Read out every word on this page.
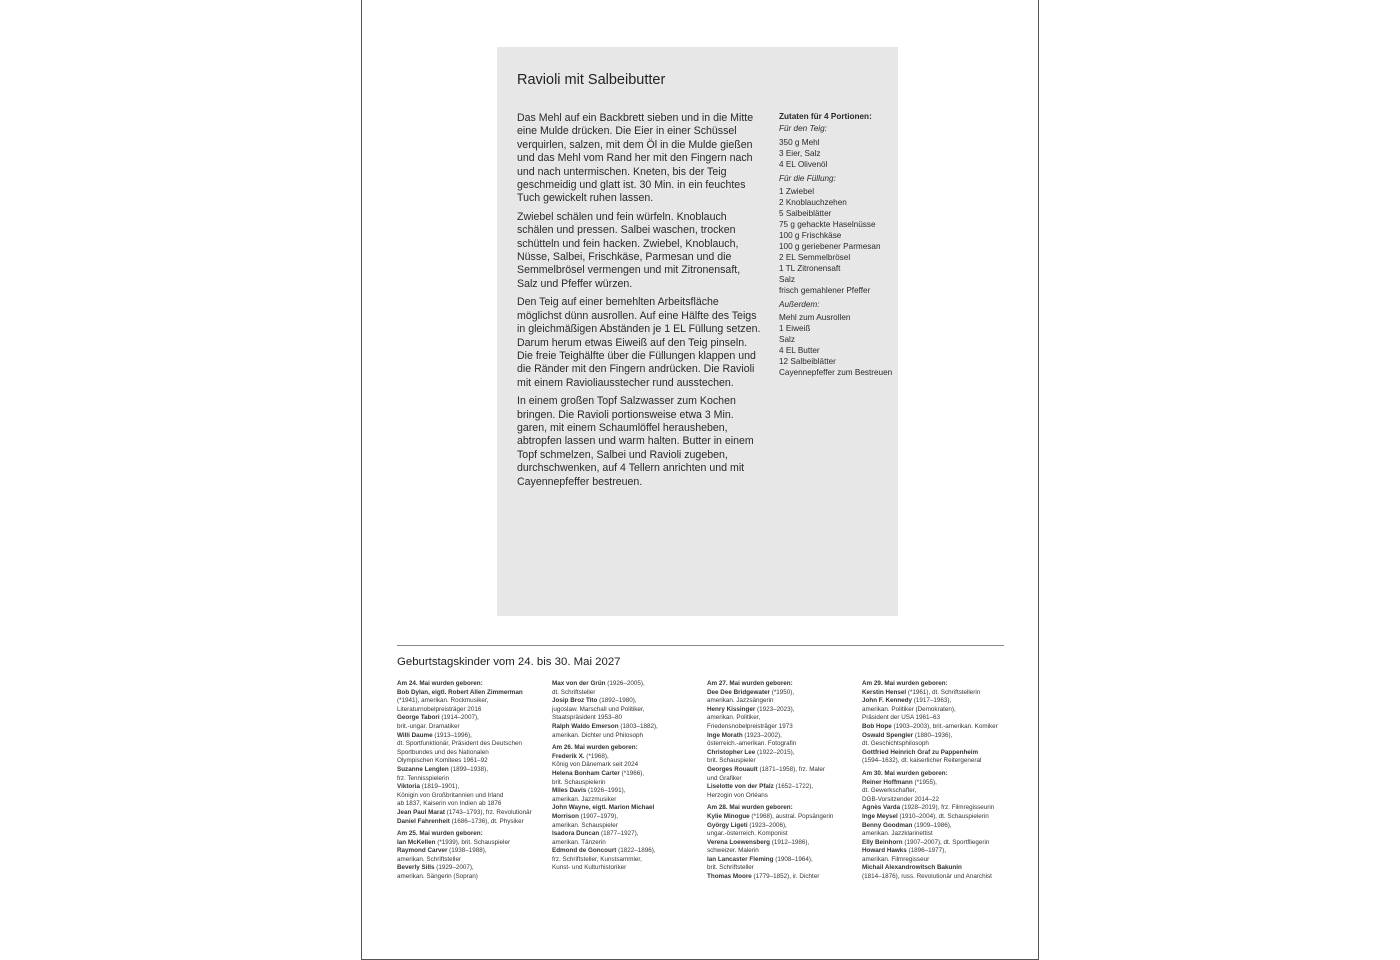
Ravioli mit Salbeibutter

Das Mehl auf ein Backbrett sieben und in die Mitte eine Mulde drücken. Die Eier in einer Schüssel verquirlen, salzen, mit dem Öl in die Mulde gießen und das Mehl vom Rand her mit den Fingern nach und nach untermischen. Kneten, bis der Teig geschmeidig und glatt ist. 30 Min. in ein feuchtes Tuch gewickelt ruhen lassen.

Zwiebel schälen und fein würfeln. Knoblauch schälen und pressen. Salbei waschen, trocken schütteln und fein hacken. Zwiebel, Knoblauch, Nüsse, Salbei, Frischkäse, Parmesan und die Semmelbrösel vermengen und mit Zitronensaft, Salz und Pfeffer würzen.

Den Teig auf einer bemehlten Arbeitsfläche möglichst dünn ausrollen. Auf eine Hälfte des Teigs in gleichmäßigen Abständen je 1 EL Füllung setzen. Darum herum etwas Eiweiß auf den Teig pinseln. Die freie Teighälfte über die Füllungen klappen und die Ränder mit den Fingern andrücken. Die Ravioli mit einem Ravioliausstecher rund ausstechen.

In einem großen Topf Salzwasser zum Kochen bringen. Die Ravioli portionsweise etwa 3 Min. garen, mit einem Schaumlöffel herausheben, abtropfen lassen und warm halten. Butter in einem Topf schmelzen, Salbei und Ravioli zugeben, durchschwenken, auf 4 Tellern anrichten und mit Cayennepfeffer bestreuen.

Zutaten für 4 Portionen:
Für den Teig:
350 g Mehl
3 Eier, Salz
4 EL Olivenöl
Für die Füllung:
1 Zwiebel
2 Knoblauchzehen
5 Salbeiblätter
75 g gehackte Haselnüsse
100 g Frischkäse
100 g geriebener Parmesan
2 EL Semmelbrösel
1 TL Zitronensaft
Salz
frisch gemahlener Pfeffer
Außerdem:
Mehl zum Ausrollen
1 Eiweiß
Salz
4 EL Butter
12 Salbeiblätter
Cayennepfeffer zum Bestreuen
Geburtstagskinder vom 24. bis 30. Mai 2027
Am 24. Mai wurden geboren:
Bob Dylan, eigtl. Robert Allen Zimmerman
(*1941), amerikan. Rockmusiker,
Literaturnobelpreisträger 2016
George Tabori (1914–2007),
brit.-ungar. Dramatiker
Willi Daume (1913–1996),
dt. Sportfunktionär, Präsident des Deutschen
Sportbundes und des Nationalen
Olympischen Komitees 1961–92
Suzanne Lenglen (1899–1938),
frz. Tennisspielerin
Viktoria (1819–1901),
Königin von Großbritannien und Irland
ab 1837, Kaiserin von Indien ab 1876
Jean Paul Marat (1743–1793), frz. Revolutionär
Daniel Fahrenheit (1686–1736), dt. Physiker
Am 25. Mai wurden geboren:
Ian McKellen (*1939), brit. Schauspieler
Raymond Carver (1938–1988),
amerikan. Schriftsteller
Beverly Sills (1929–2007),
amerikan. Sängerin (Sopran)
Max von der Grün (1926–2005),
dt. Schriftsteller
Josip Broz Tito (1892–1980),
jugoslaw. Marschall und Politiker,
Staatspräsident 1953–80
Ralph Waldo Emerson (1803–1882),
amerikan. Dichter und Philosoph
Am 26. Mai wurden geboren:
Frederik X. (*1968),
König von Dänemark seit 2024
Helena Bonham Carter (*1966),
brit. Schauspielerin
Miles Davis (1926–1991),
amerikan. Jazzmusiker
John Wayne, eigtl. Marion Michael
Morrison (1907–1979),
amerikan. Schauspieler
Isadora Duncan (1877–1927),
amerikan. Tänzerin
Edmond de Goncourt (1822–1896),
frz. Schriftsteller, Kunstsammler,
Kunst- und Kulturhistoriker
Am 27. Mai wurden geboren:
Dee Dee Bridgewater (*1950),
amerikan. Jazzsängerin
Henry Kissinger (1923–2023),
amerikan. Politiker,
Friedensnobelpreisträger 1973
Inge Morath (1923–2002),
österreich.-amerikan. Fotografin
Christopher Lee (1922–2015),
brit. Schauspieler
Georges Rouault (1871–1958), frz. Maler
und Grafiker
Liselotte von der Pfalz (1652–1722),
Herzogin von Orléans
Am 28. Mai wurden geboren:
Kylie Minogue (*1968), austral. Popsängerin
György Ligeti (1923–2006),
ungar.-österreich. Komponist
Verena Loewensberg (1912–1986),
schweizer. Malerin
Ian Lancaster Fleming (1908–1964),
brit. Schriftsteller
Thomas Moore (1779–1852), ir. Dichter
Am 29. Mai wurden geboren:
Kerstin Hensel (*1961), dt. Schriftstellerin
John F. Kennedy (1917–1963),
amerikan. Politiker (Demokraten),
Präsident der USA 1961–63
Bob Hope (1903–2003), brit.-amerikan. Komiker
Oswald Spengler (1880–1936),
dt. Geschichtsphilosoph
Gottfried Heinrich Graf zu Pappenheim
(1594–1632), dt. kaiserlicher Reitergeneral
Am 30. Mai wurden geboren:
Reiner Hoffmann (*1955),
dt. Gewerkschafter,
DGB-Vorsitzender 2014–22
Agnès Varda (1928–2019), frz. Filmregisseurin
Inge Meysel (1910–2004), dt. Schauspielerin
Benny Goodman (1909–1986),
amerikan. Jazzklarinettist
Elly Beinhorn (1907–2007), dt. Sportfliegerin
Howard Hawks (1896–1977),
amerikan. Filmregisseur
Michail Alexandrowitsch Bakunin
(1814–1876), russ. Revolutionär und Anarchist
